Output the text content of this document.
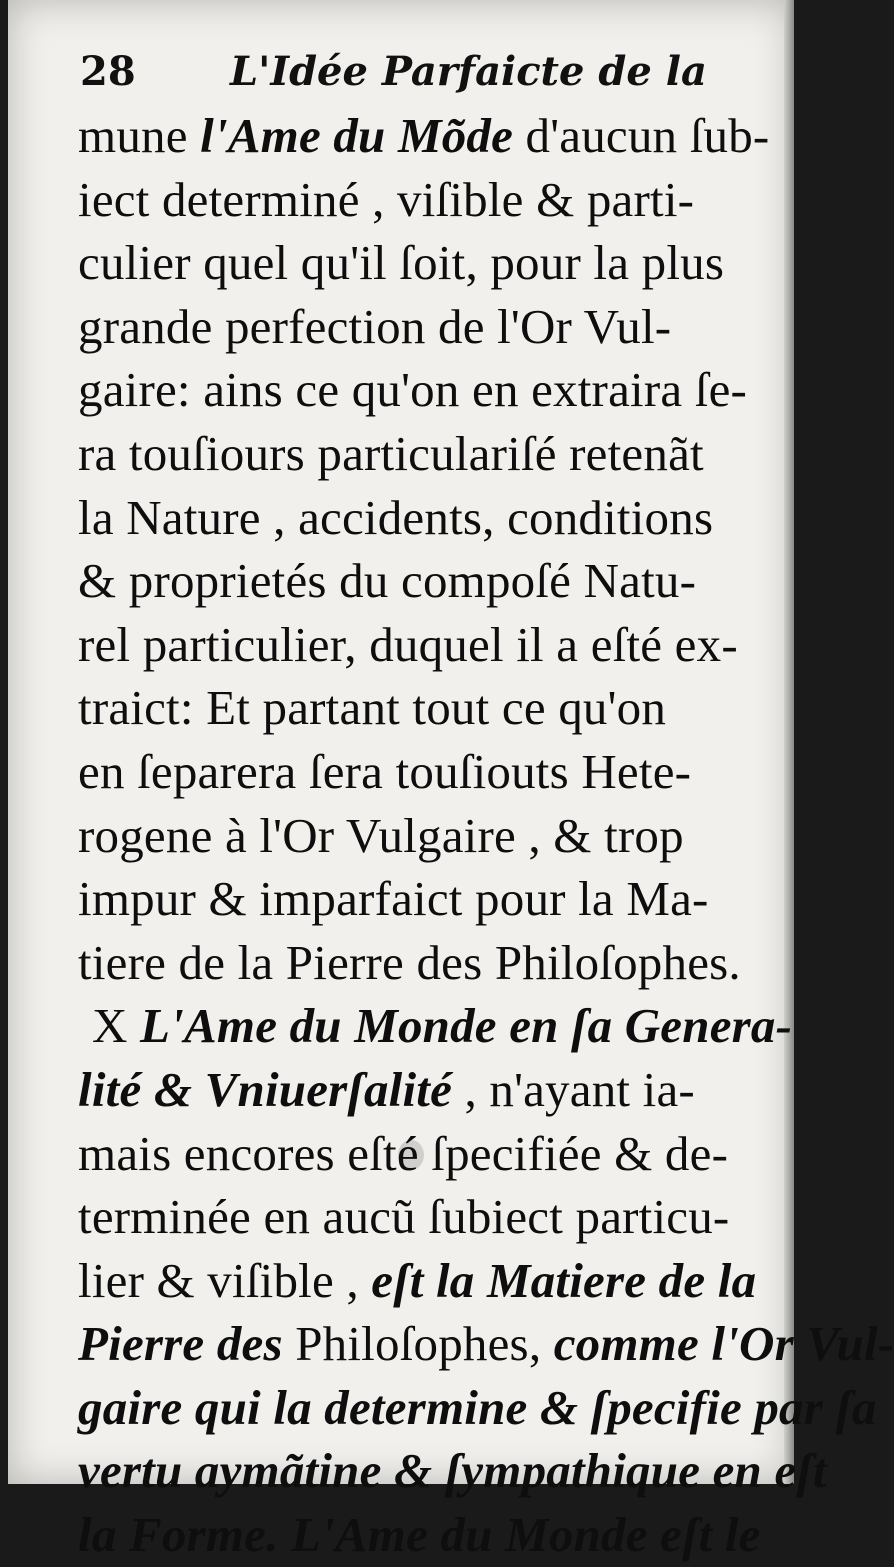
28 L'Idée Parfaicte de la
mune l'Ame du Mõde d'aucun ſub-
iect determiné , viſible & parti-
culier quel qu'il ſoit, pour la plus
grande perfection de l'Or Vul-
gaire: ains ce qu'on en extraira ſe-
ra touſiours particulariſé retenãt
la Nature , accidents, conditions
& proprietés du compoſé Natu-
rel particulier, duquel il a eſté ex-
traict: Et partant tout ce qu'on
en ſeparera ſera touſiouts Hete-
rogene à l'Or Vulgaire , & trop
impur & imparfaict pour la Ma-
tiere de la Pierre des Philoſophes.
X L'Ame du Monde en ſa Genera-
lité & Vniuerſalité , n'ayant ia-
mais encores eſté ſpecifiée & de-
terminée en aucũ ſubiect particu-
lier & viſible , eſt la Matiere de la
Pierre des Philoſophes, comme l'Or Vul-
gaire qui la determine & ſpecifie par ſa
vertu aymãtine & ſympathique en eſt
la Forme. L'Ame du Monde eſt le
